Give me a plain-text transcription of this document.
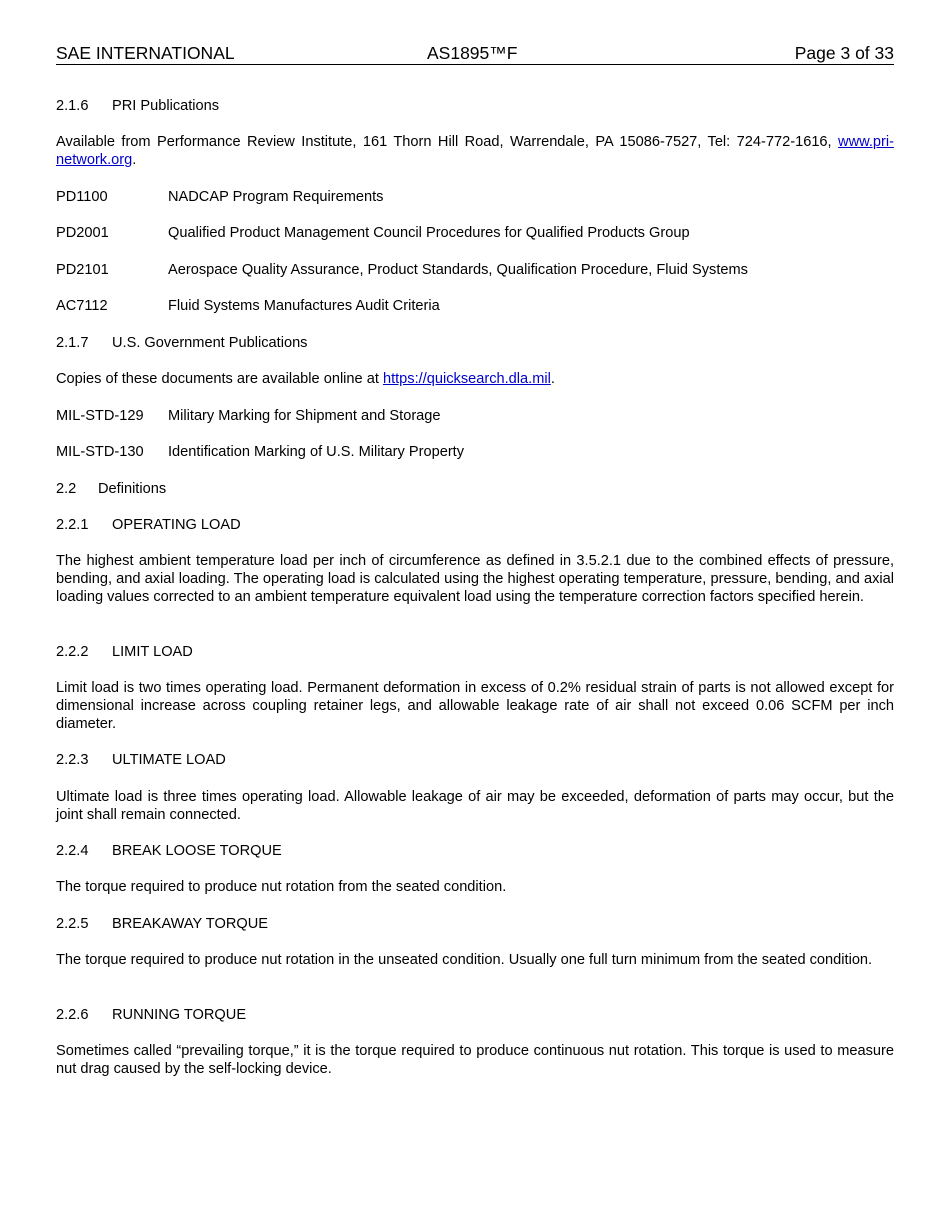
SAE INTERNATIONAL	AS1895™F	Page 3 of 33
2.1.6 PRI Publications
Available from Performance Review Institute, 161 Thorn Hill Road, Warrendale, PA 15086-7527, Tel: 724-772-1616, www.pri-network.org.
PD1100	NADCAP Program Requirements
PD2001	Qualified Product Management Council Procedures for Qualified Products Group
PD2101	Aerospace Quality Assurance, Product Standards, Qualification Procedure, Fluid Systems
AC7112	Fluid Systems Manufactures Audit Criteria
2.1.7 U.S. Government Publications
Copies of these documents are available online at https://quicksearch.dla.mil.
MIL-STD-129 Military Marking for Shipment and Storage
MIL-STD-130 Identification Marking of U.S. Military Property
2.2 Definitions
2.2.1 OPERATING LOAD
The highest ambient temperature load per inch of circumference as defined in 3.5.2.1 due to the combined effects of pressure, bending, and axial loading. The operating load is calculated using the highest operating temperature, pressure, bending, and axial loading values corrected to an ambient temperature equivalent load using the temperature correction factors specified herein.
2.2.2 LIMIT LOAD
Limit load is two times operating load. Permanent deformation in excess of 0.2% residual strain of parts is not allowed except for dimensional increase across coupling retainer legs, and allowable leakage rate of air shall not exceed 0.06 SCFM per inch diameter.
2.2.3 ULTIMATE LOAD
Ultimate load is three times operating load. Allowable leakage of air may be exceeded, deformation of parts may occur, but the joint shall remain connected.
2.2.4 BREAK LOOSE TORQUE
The torque required to produce nut rotation from the seated condition.
2.2.5 BREAKAWAY TORQUE
The torque required to produce nut rotation in the unseated condition. Usually one full turn minimum from the seated condition.
2.2.6 RUNNING TORQUE
Sometimes called “prevailing torque,” it is the torque required to produce continuous nut rotation. This torque is used to measure nut drag caused by the self-locking device.
